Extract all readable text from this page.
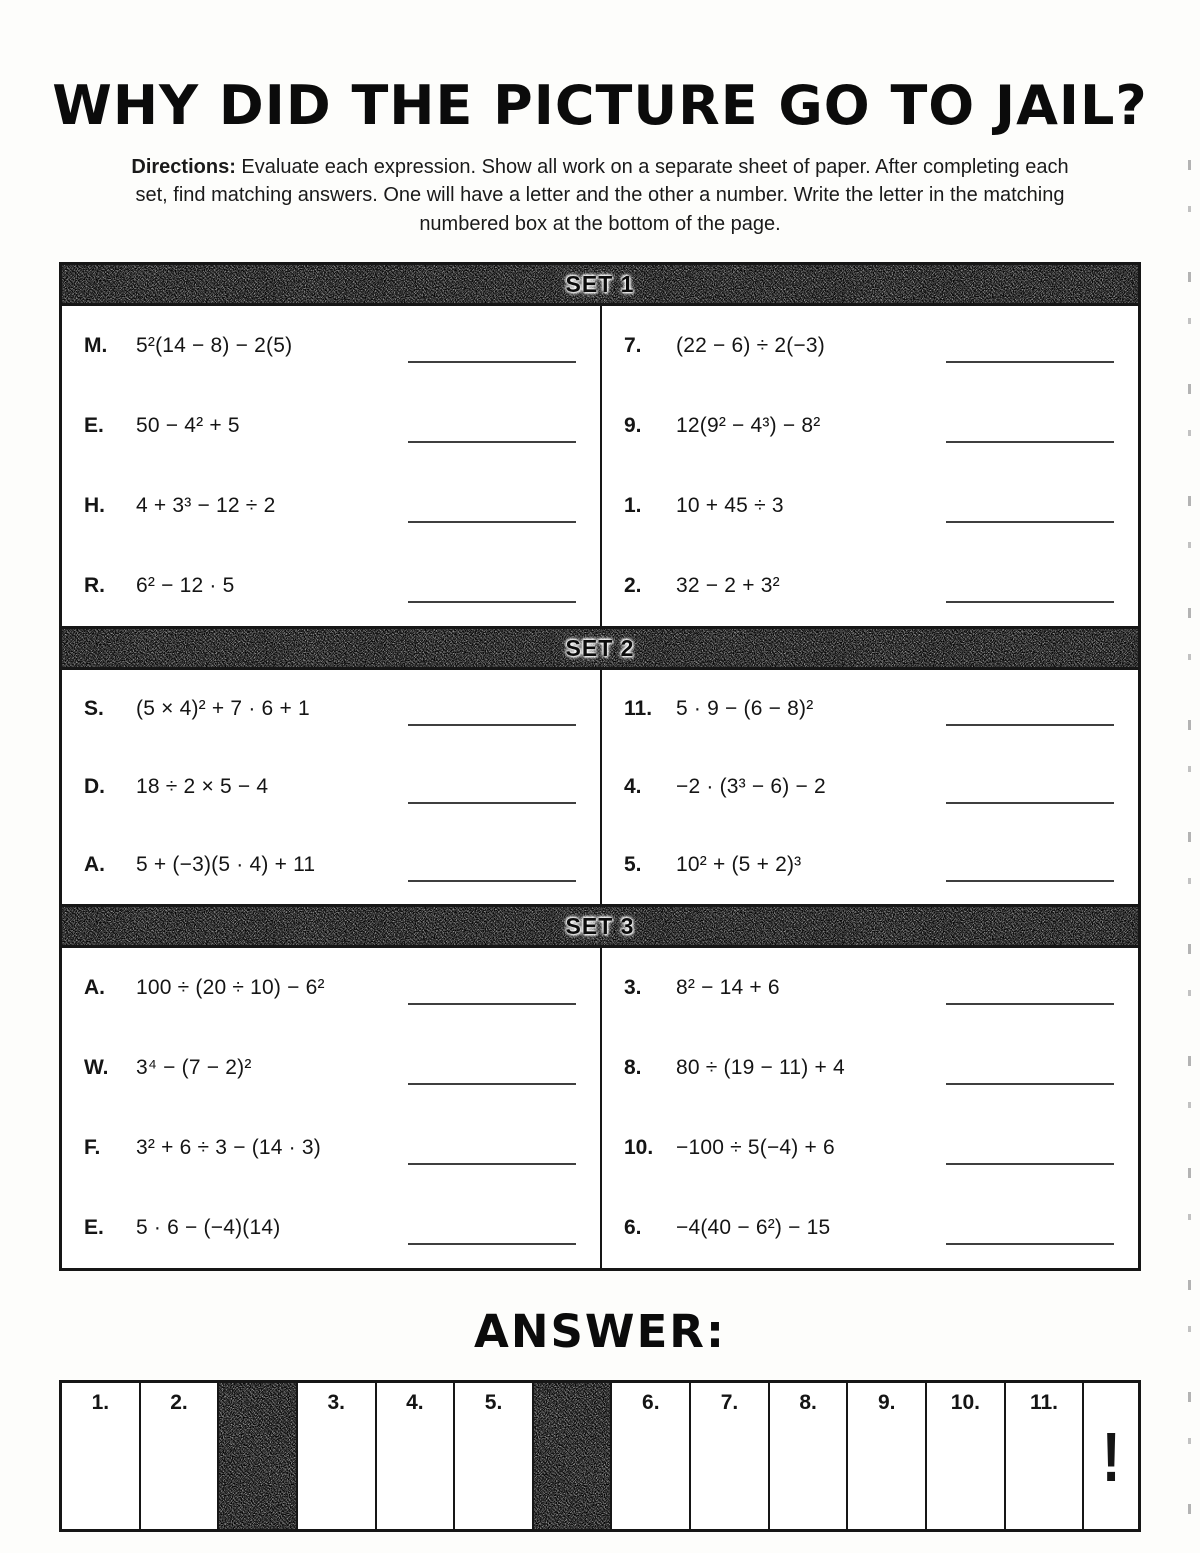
WHY DID THE PICTURE GO TO JAIL?

Directions: Evaluate each expression. Show all work on a separate sheet of paper. After completing each set, find matching answers. One will have a letter and the other a number. Write the letter in the matching numbered box at the bottom of the page.

SET 1
M.	5²(14 − 8) − 2(5)
E.	50 − 4² + 5
H.	4 + 3³ − 12 ÷ 2
R.	6² − 12 · 5
7.	(22 − 6) ÷ 2(−3)
9.	12(9² − 4³) − 8²
1.	10 + 45 ÷ 3
2.	32 − 2 + 3²
SET 2
S.	(5 × 4)² + 7 · 6 + 1
D.	18 ÷ 2 × 5 − 4
A.	5 + (−3)(5 · 4) + 11
11.	5 · 9 − (6 − 8)²
4.	−2 · (3³ − 6) − 2
5.	10² + (5 + 2)³
SET 3
A.	100 ÷ (20 ÷ 10) − 6²
W.	3⁴ − (7 − 2)²
F.	3² + 6 ÷ 3 − (14 · 3)
E.	5 · 6 − (−4)(14)
3.	8² − 14 + 6
8.	80 ÷ (19 − 11) + 4
10.	−100 ÷ 5(−4) + 6
6.	−4(40 − 6²) − 15
ANSWER:
1.	2.	3.	4.	5.	6.	7.	8.	9.	10.	11.
!
